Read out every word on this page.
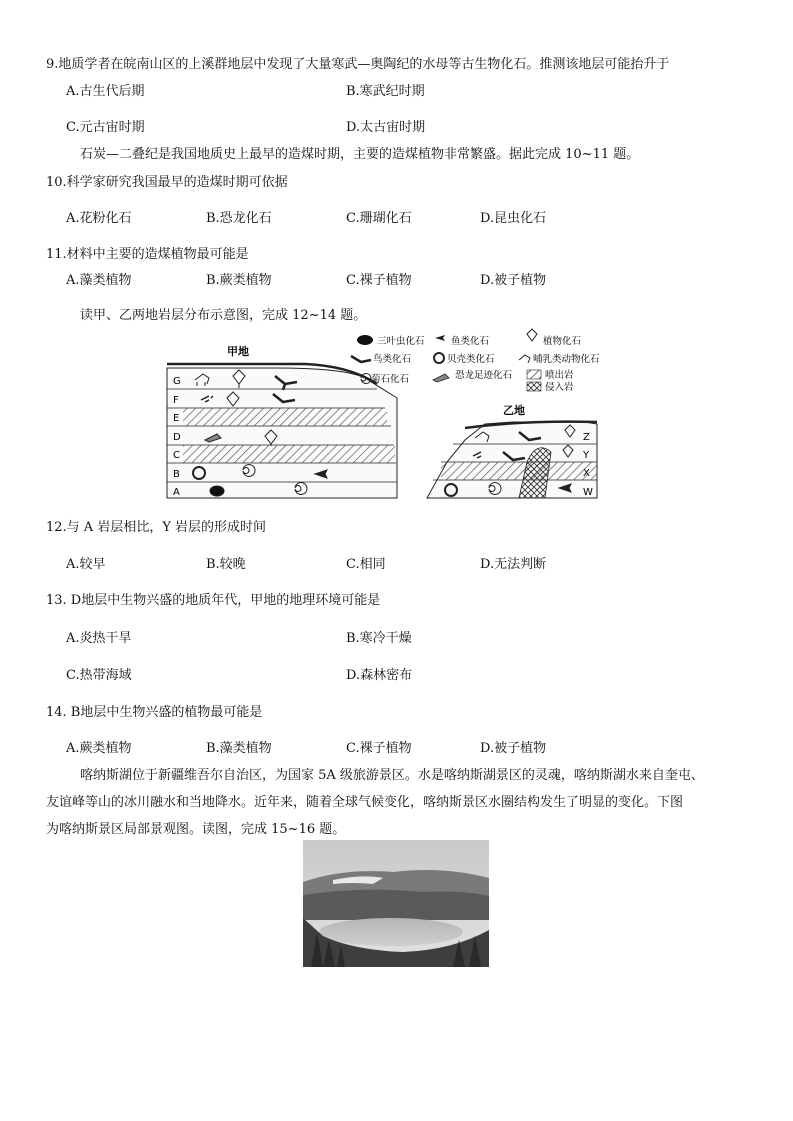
9.地质学者在皖南山区的上溪群地层中发现了大量寒武—奥陶纪的水母等古生物化石。推测该地层可能抬升于
A.古生代后期	B.寒武纪时期
C.元古宙时期	D.太古宙时期
石炭—二叠纪是我国地质史上最早的造煤时期，主要的造煤植物非常繁盛。据此完成 10~11 题。
10.科学家研究我国最早的造煤时期可依据
A.花粉化石	B.恐龙化石	C.珊瑚化石	D.昆虫化石
11.材料中主要的造煤植物最可能是
A.藻类植物	B.蕨类植物	C.裸子植物	D.被子植物
读甲、乙两地岩层分布示意图，完成 12~14 题。
甲地
G
F
E
D
C
B
A
乙地
Z
Y
X
W
三叶虫化石	鱼类化石	植物化石
鸟类化石	贝壳类化石	哺乳类动物化石
菊石化石	恐龙足迹化石	喷出岩
侵入岩
12.与 A 岩层相比，Y 岩层的形成时间
A.较早	B.较晚	C.相同	D.无法判断
13. D地层中生物兴盛的地质年代，甲地的地理环境可能是
A.炎热干旱	B.寒冷干燥
C.热带海域	D.森林密布
14. B地层中生物兴盛的植物最可能是
A.蕨类植物	B.藻类植物	C.裸子植物	D.被子植物
喀纳斯湖位于新疆维吾尔自治区，为国家 5A 级旅游景区。水是喀纳斯湖景区的灵魂，喀纳斯湖水来自奎屯、
友谊峰等山的冰川融水和当地降水。近年来，随着全球气候变化，喀纳斯景区水圈结构发生了明显的变化。下图
为喀纳斯景区局部景观图。读图，完成 15~16 题。
